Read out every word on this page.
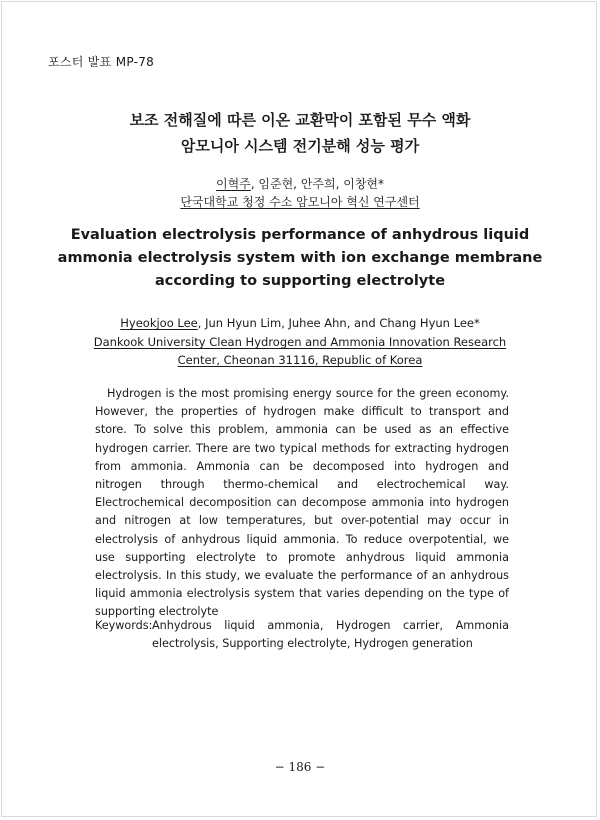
포스터 발표 MP-78
보조 전해질에 따른 이온 교환막이 포함된 무수 액화
암모니아 시스템 전기분해 성능 평가
이혁주, 임준현, 안주희, 이창현*
단국대학교 청정 수소 암모니아 혁신 연구센터
Evaluation electrolysis performance of anhydrous liquid
ammonia electrolysis system with ion exchange membrane
according to supporting electrolyte
Hyeokjoo Lee, Jun Hyun Lim, Juhee Ahn, and Chang Hyun Lee*
Dankook University Clean Hydrogen and Ammonia Innovation Research
Center, Cheonan 31116, Republic of Korea

Hydrogen is the most promising energy source for the green economy. However, the properties of hydrogen make difficult to transport and store. To solve this problem, ammonia can be used as an effective hydrogen carrier. There are two typical methods for extracting hydrogen from ammonia. Ammonia can be decomposed into hydrogen and nitrogen through thermo-chemical and electrochemical way. Electrochemical decomposition can decompose ammonia into hydrogen and nitrogen at low temperatures, but over-potential may occur in electrolysis of anhydrous liquid ammonia. To reduce overpotential, we use supporting electrolyte to promote anhydrous liquid ammonia electrolysis. In this study, we evaluate the performance of an anhydrous liquid ammonia electrolysis system that varies depending on the type of supporting electrolyte

Keywords: Anhydrous liquid ammonia, Hydrogen carrier, Ammonia electrolysis, Supporting electrolyte, Hydrogen generation
− 186 −
